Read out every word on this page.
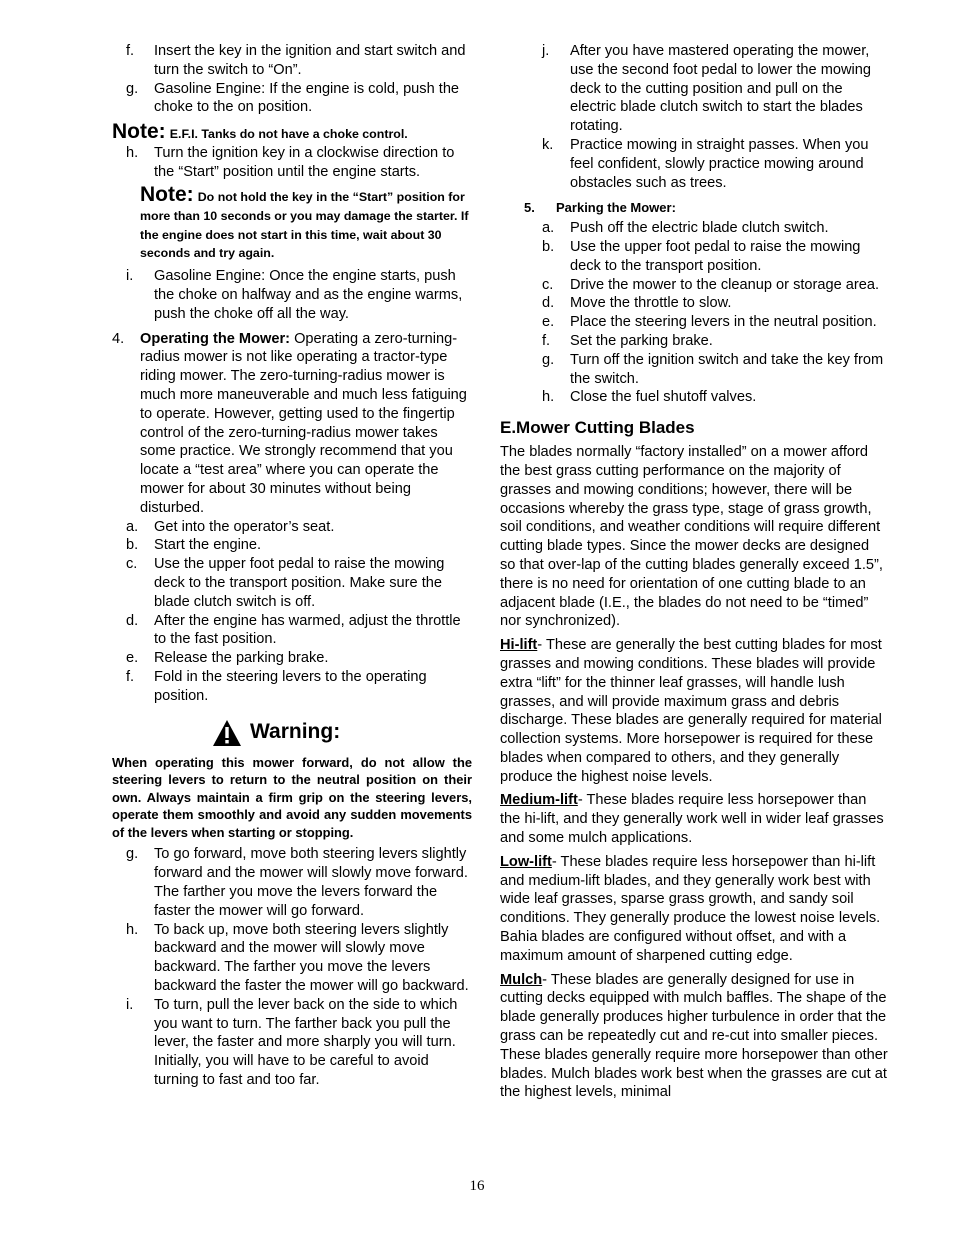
f. Insert the key in the ignition and start switch and turn the switch to “On”.
g. Gasoline Engine: If the engine is cold, push the choke to the on position.
Note: E.F.I. Tanks do not have a choke control.
h. Turn the ignition key in a clockwise direction to the “Start” position until the engine starts.
Note: Do not hold the key in the “Start” position for more than 10 seconds or you may damage the starter. If the engine does not start in this time, wait about 30 seconds and try again.
i. Gasoline Engine: Once the engine starts, push the choke on halfway and as the engine warms, push the choke off all the way.
4. Operating the Mower: Operating a zero-turning-radius mower is not like operating a tractor-type riding mower. The zero-turning-radius mower is much more maneuverable and much less fatiguing to operate. However, getting used to the fingertip control of the zero-turning-radius mower takes some practice. We strongly recommend that you locate a “test area” where you can operate the mower for about 30 minutes without being disturbed.
a. Get into the operator’s seat.
b. Start the engine.
c. Use the upper foot pedal to raise the mowing deck to the transport position. Make sure the blade clutch switch is off.
d. After the engine has warmed, adjust the throttle to the fast position.
e. Release the parking brake.
f. Fold in the steering levers to the operating position.
Warning:
When operating this mower forward, do not allow the steering levers to return to the neutral position on their own. Always maintain a firm grip on the steering levers, operate them smoothly and avoid any sudden movements of the levers when starting or stopping.
g. To go forward, move both steering levers slightly forward and the mower will slowly move forward. The farther you move the levers forward the faster the mower will go forward.
h. To back up, move both steering levers slightly backward and the mower will slowly move backward. The farther you move the levers backward the faster the mower will go backward.
i. To turn, pull the lever back on the side to which you want to turn. The farther back you pull the lever, the faster and more sharply you will turn. Initially, you will have to be careful to avoid turning to fast and too far.
j. After you have mastered operating the mower, use the second foot pedal to lower the mowing deck to the cutting position and pull on the electric blade clutch switch to start the blades rotating.
k. Practice mowing in straight passes. When you feel confident, slowly practice mowing around obstacles such as trees.
5. Parking the Mower:
a. Push off the electric blade clutch switch.
b. Use the upper foot pedal to raise the mowing deck to the transport position.
c. Drive the mower to the cleanup or storage area.
d. Move the throttle to slow.
e. Place the steering levers in the neutral position.
f. Set the parking brake.
g. Turn off the ignition switch and take the key from the switch.
h. Close the fuel shutoff valves.
E.Mower Cutting Blades
The blades normally “factory installed” on a mower afford the best grass cutting performance on the majority of grasses and mowing conditions; however, there will be occasions whereby the grass type, stage of grass growth, soil conditions, and weather conditions will require different cutting blade types. Since the mower decks are designed so that over-lap of the cutting blades generally exceed 1.5”, there is no need for orientation of one cutting blade to an adjacent blade (I.E., the blades do not need to be “timed” nor synchronized).
Hi-lift- These are generally the best cutting blades for most grasses and mowing conditions. These blades will provide extra “lift” for the thinner leaf grasses, will handle lush grasses, and will provide maximum grass and debris discharge. These blades are generally required for material collection systems. More horsepower is required for these blades when compared to others, and they generally produce the highest noise levels.
Medium-lift- These blades require less horsepower than the hi-lift, and they generally work well in wider leaf grasses and some mulch applications.
Low-lift- These blades require less horsepower than hi-lift and medium-lift blades, and they generally work best with wide leaf grasses, sparse grass growth, and sandy soil conditions. They generally produce the lowest noise levels. Bahia blades are configured without offset, and with a maximum amount of sharpened cutting edge.
Mulch- These blades are generally designed for use in cutting decks equipped with mulch baffles. The shape of the blade generally produces higher turbulence in order that the grass can be repeatedly cut and re-cut into smaller pieces. These blades generally require more horsepower than other blades. Mulch blades work best when the grasses are cut at the highest levels, minimal
16
